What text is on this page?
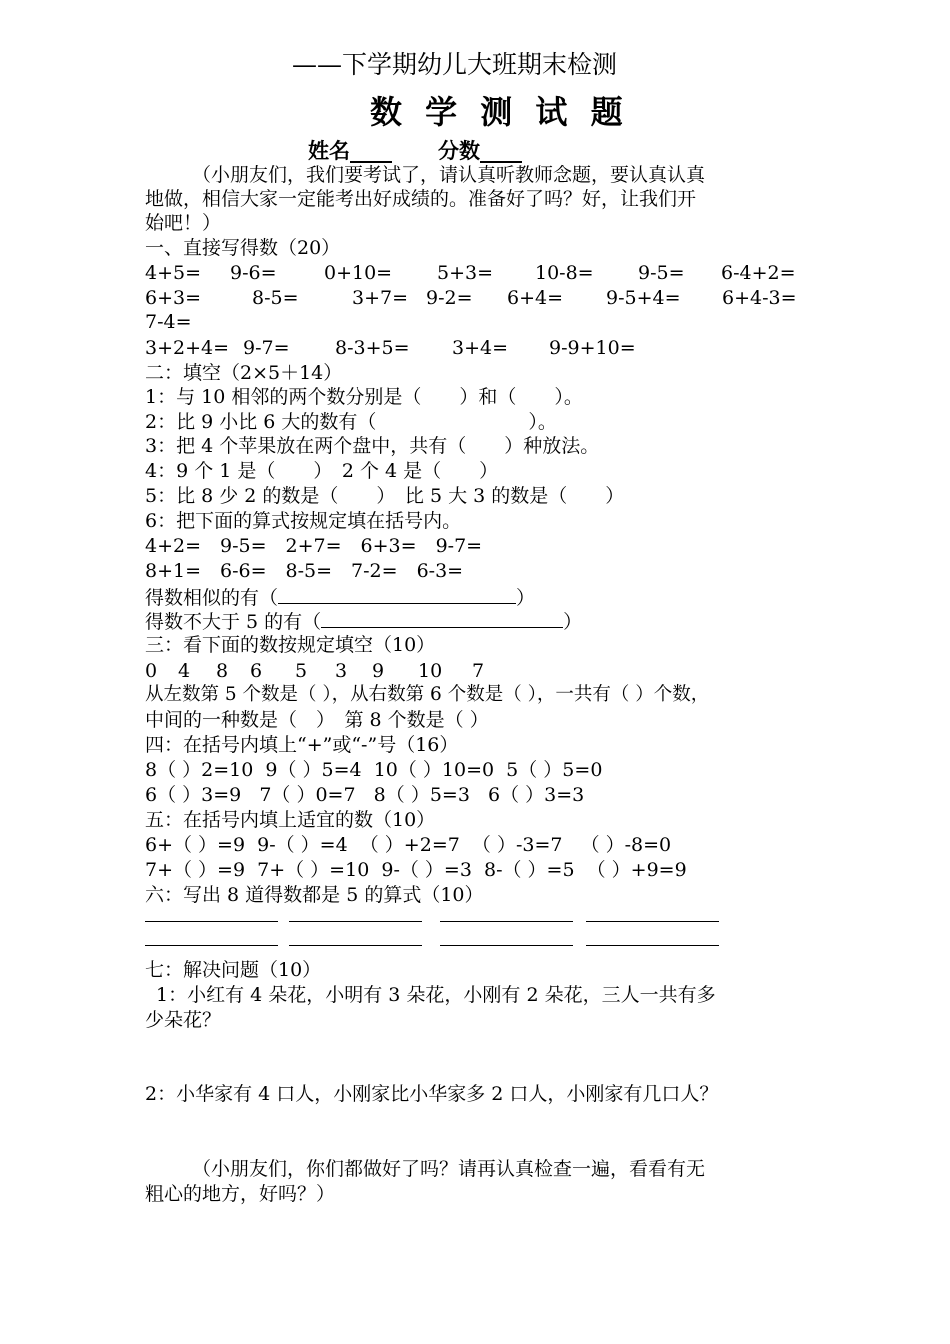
——下学期幼儿大班期末检测
数 学 测 试 题
姓名____ 分数____
（小朋友们，我们要考试了，请认真听教师念题，要认真认真
地做，相信大家一定能考出好成绩的。准备好了吗？好，让我们开
始吧！）
一、直接写得数（20）
4+5= 9-6= 0+10= 5+3= 10-8= 9-5= 6-4+2=
6+3=	8-5=	3+7= 9-2= 6+4= 9-5+4= 6+4-3=
7-4=
3+2+4= 9-7= 8-3+5= 3+4= 9-9+10=
二：填空（2×5＋14）
1：与 10 相邻的两个数分别是（　　）和（　　）。
2：比 9 小比 6 大的数有（　　　　　　　　）。
3：把 4 个苹果放在两个盘中，共有（　　）种放法。
4：9 个 1 是（　　）　2 个 4 是（　　）
5：比 8 少 2 的数是（　　）　比 5 大 3 的数是（　　）
6：把下面的算式按规定填在括号内。
4+2=　9-5=　2+7=　6+3=　9-7=
8+1=　6-6=　8-5=　7-2=　6-3=
得数相似的有（	）
得数不大于 5 的有（	）
三：看下面的数按规定填空（10）
0 4 8 6 5 3 9 10 7
从左数第 5 个数是（ ），从右数第 6 个数是（ ），一共有（ ）个数，
中间的一种数是（　）　第 8 个数是（ ）
四：在括号内填上“+”或“-”号（16）
8（ ）2=10  9（ ）5=4  10（ ）10=0  5（ ）5=0
6（ ）3=9   7（ ）0=7   8（ ）5=3   6（ ）3=3
五：在括号内填上适宜的数（10）
6+（ ）=9  9-（ ）=4  （ ）+2=7  （ ）-3=7   （ ）-8=0
7+（ ）=9  7+（ ）=10  9-（ ）=3  8-（ ）=5  （ ）+9=9
六：写出 8 道得数都是 5 的算式（10）
七：解决问题（10）
1：小红有 4 朵花，小明有 3 朵花，小刚有 2 朵花，三人一共有多
少朵花？
2：小华家有 4 口人，小刚家比小华家多 2 口人，小刚家有几口人？
（小朋友们，你们都做好了吗？请再认真检查一遍，看看有无
粗心的地方，好吗？）
